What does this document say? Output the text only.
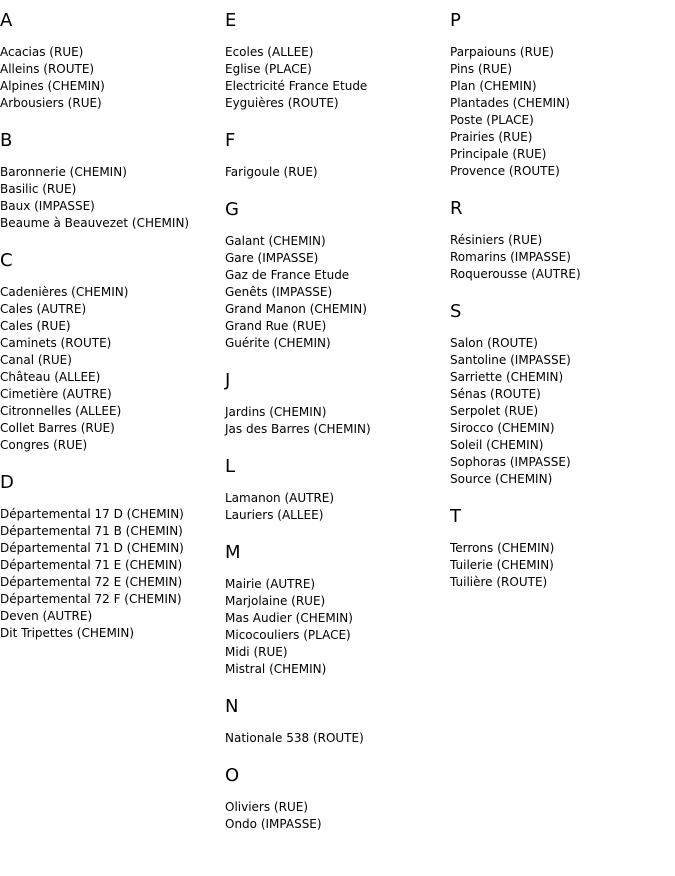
A
Acacias (RUE)
Alleins (ROUTE)
Alpines (CHEMIN)
Arbousiers (RUE)
B
Baronnerie (CHEMIN)
Basilic (RUE)
Baux (IMPASSE)
Beaume à Beauvezet (CHEMIN)
C
Cadenières (CHEMIN)
Cales (AUTRE)
Cales (RUE)
Caminets (ROUTE)
Canal (RUE)
Château (ALLEE)
Cimetière (AUTRE)
Citronnelles (ALLEE)
Collet Barres (RUE)
Congres (RUE)
D
Départemental 17 D (CHEMIN)
Départemental 71 B (CHEMIN)
Départemental 71 D (CHEMIN)
Départemental 71 E (CHEMIN)
Départemental 72 E (CHEMIN)
Départemental 72 F (CHEMIN)
Deven (AUTRE)
Dit Tripettes (CHEMIN)
E
Ecoles (ALLEE)
Eglise (PLACE)
Electricité France Etude
Eyguières (ROUTE)
F
Farigoule (RUE)
G
Galant (CHEMIN)
Gare (IMPASSE)
Gaz de France Etude
Genêts (IMPASSE)
Grand Manon (CHEMIN)
Grand Rue (RUE)
Guérite (CHEMIN)
J
Jardins (CHEMIN)
Jas des Barres (CHEMIN)
L
Lamanon (AUTRE)
Lauriers (ALLEE)
M
Mairie (AUTRE)
Marjolaine (RUE)
Mas Audier (CHEMIN)
Micocouliers (PLACE)
Midi (RUE)
Mistral (CHEMIN)
N
Nationale 538 (ROUTE)
O
Oliviers (RUE)
Ondo (IMPASSE)
P
Parpaiouns (RUE)
Pins (RUE)
Plan (CHEMIN)
Plantades (CHEMIN)
Poste (PLACE)
Prairies (RUE)
Principale (RUE)
Provence (ROUTE)
R
Résiniers (RUE)
Romarins (IMPASSE)
Roquerousse (AUTRE)
S
Salon (ROUTE)
Santoline (IMPASSE)
Sarriette (CHEMIN)
Sénas (ROUTE)
Serpolet (RUE)
Sirocco (CHEMIN)
Soleil (CHEMIN)
Sophoras (IMPASSE)
Source (CHEMIN)
T
Terrons (CHEMIN)
Tuilerie (CHEMIN)
Tuilière (ROUTE)
